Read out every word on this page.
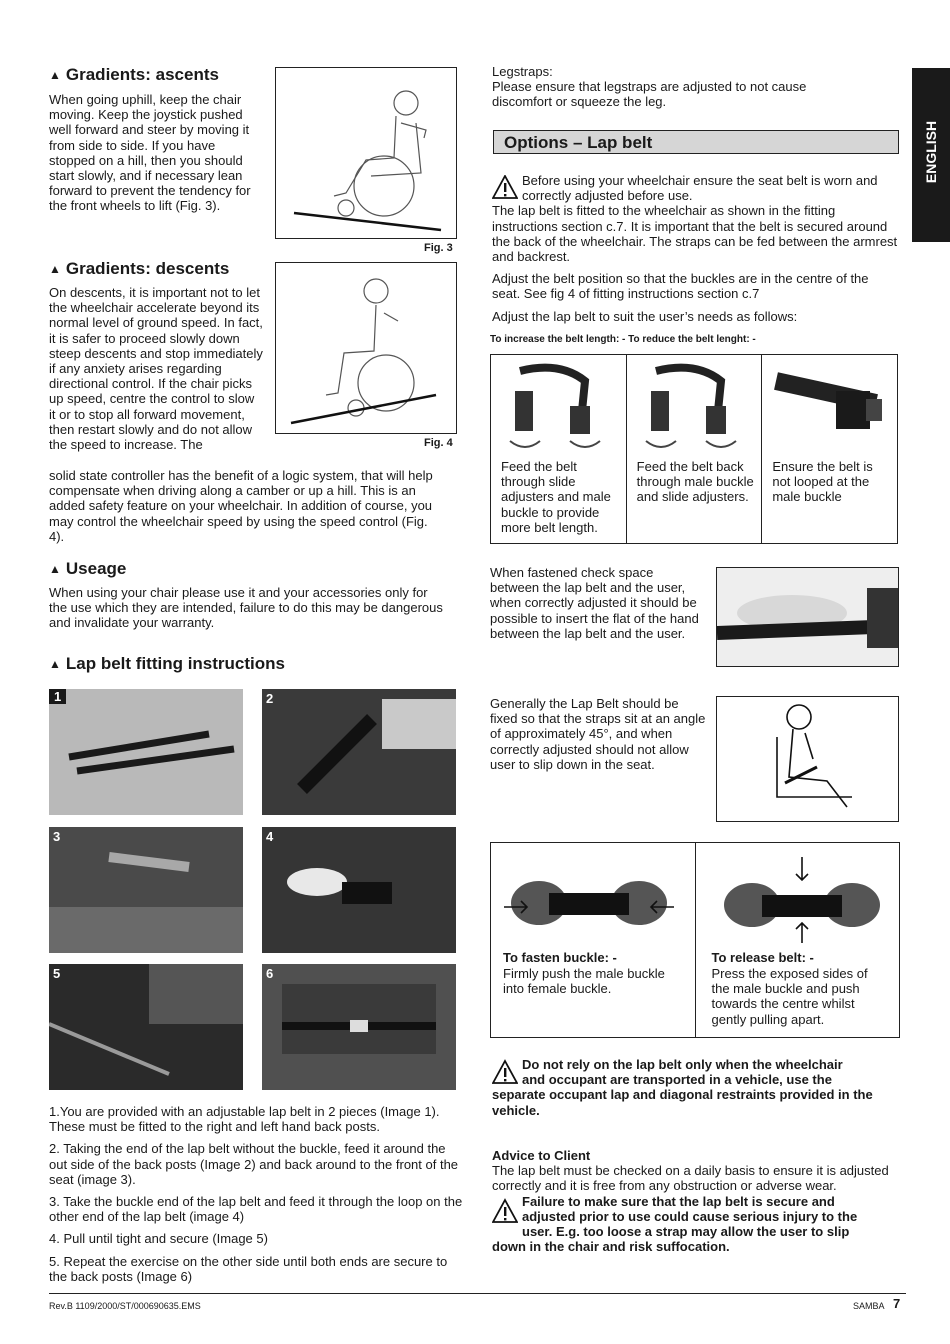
ENGLISH
▲ Gradients: ascents
When going uphill, keep the chair moving. Keep the joystick pushed well forward and steer by moving it from side to side. If you have stopped on a hill, then you should start slowly, and if necessary lean forward to prevent the tendency for the front wheels to lift (Fig. 3).
Fig. 3
▲ Gradients: descents
On descents, it is important not to let the wheelchair accelerate beyond its normal level of ground speed. In fact, it is safer to proceed slowly down steep descents and stop immediately if any anxiety arises regarding directional control. If the chair picks up speed, centre the control to slow it or to stop all forward movement, then restart slowly and do not allow the speed to increase. The	Fig. 4
solid state controller has the benefit of a logic system, that will help compensate when driving along a camber or up a hill. This is an added safety feature on your wheelchair. In addition of course, you may control the wheelchair speed by using the speed control (Fig. 4).
▲ Useage
When using your chair please use it and your accessories only for the use which they are intended, failure to do this may be dangerous and invalidate your warranty.
▲ Lap belt fitting instructions
1	2
3	4
5	6
1.You are provided with an adjustable lap belt in 2 pieces (Image 1). These must be fitted to the right and left hand back posts.
2. Taking the end of the lap belt without the buckle, feed it around the out side of the back posts (Image 2) and back around to the front of the seat (image 3).
3. Take the buckle end of the lap belt and feed it through the loop on the other end of the lap belt (image 4)
4. Pull until tight and secure (Image 5)
5. Repeat the exercise on the other side until both ends are secure to the back posts (Image 6)
Legstraps:
Please ensure that legstraps are adjusted to not cause discomfort or squeeze the leg.
Options – Lap belt
Before using your wheelchair ensure the seat belt is worn and
correctly adjusted before use.
The lap belt is fitted to the wheelchair as shown in the fitting instructions section c.7. It is important that the belt is secured around the back of the wheelchair. The straps can be fed between the armrest and backrest.
Adjust the belt position so that the buckles are in the centre of the seat. See fig 4 of fitting instructions section c.7
Adjust the lap belt to suit the user’s needs as follows:
To increase the belt length: - To reduce the belt lenght: -
Feed the belt through slide adjusters and male buckle to provide more belt length.
Feed the belt back through male buckle and slide adjusters.
Ensure the belt is not looped at the male buckle
When fastened check space between the lap belt and the user, when correctly adjusted it should be possible to insert the flat of the hand between the lap belt and the user.
Generally the Lap Belt should be fixed so that the straps sit at an angle of approximately 45°, and when correctly adjusted should not allow user to slip down in the seat.
To fasten buckle: -
Firmly push the male buckle into female buckle.
To release belt: -
Press the exposed sides of the male buckle and push towards the centre whilst gently pulling apart.
Do not rely on the lap belt only when the wheelchair
and occupant are transported in a vehicle, use the
separate occupant lap and diagonal restraints provided in the vehicle.
Advice to Client
The lap belt must be checked on a daily basis to ensure it is adjusted correctly and it is free from any obstruction or adverse wear.
Failure to make sure that the lap belt is secure and
adjusted prior to use could cause serious injury to the
user. E.g. too loose a strap may allow the user to slip
down in the chair and risk suffocation.
Rev.B 1109/2000/ST/000690635.EMS	SAMBA 7
